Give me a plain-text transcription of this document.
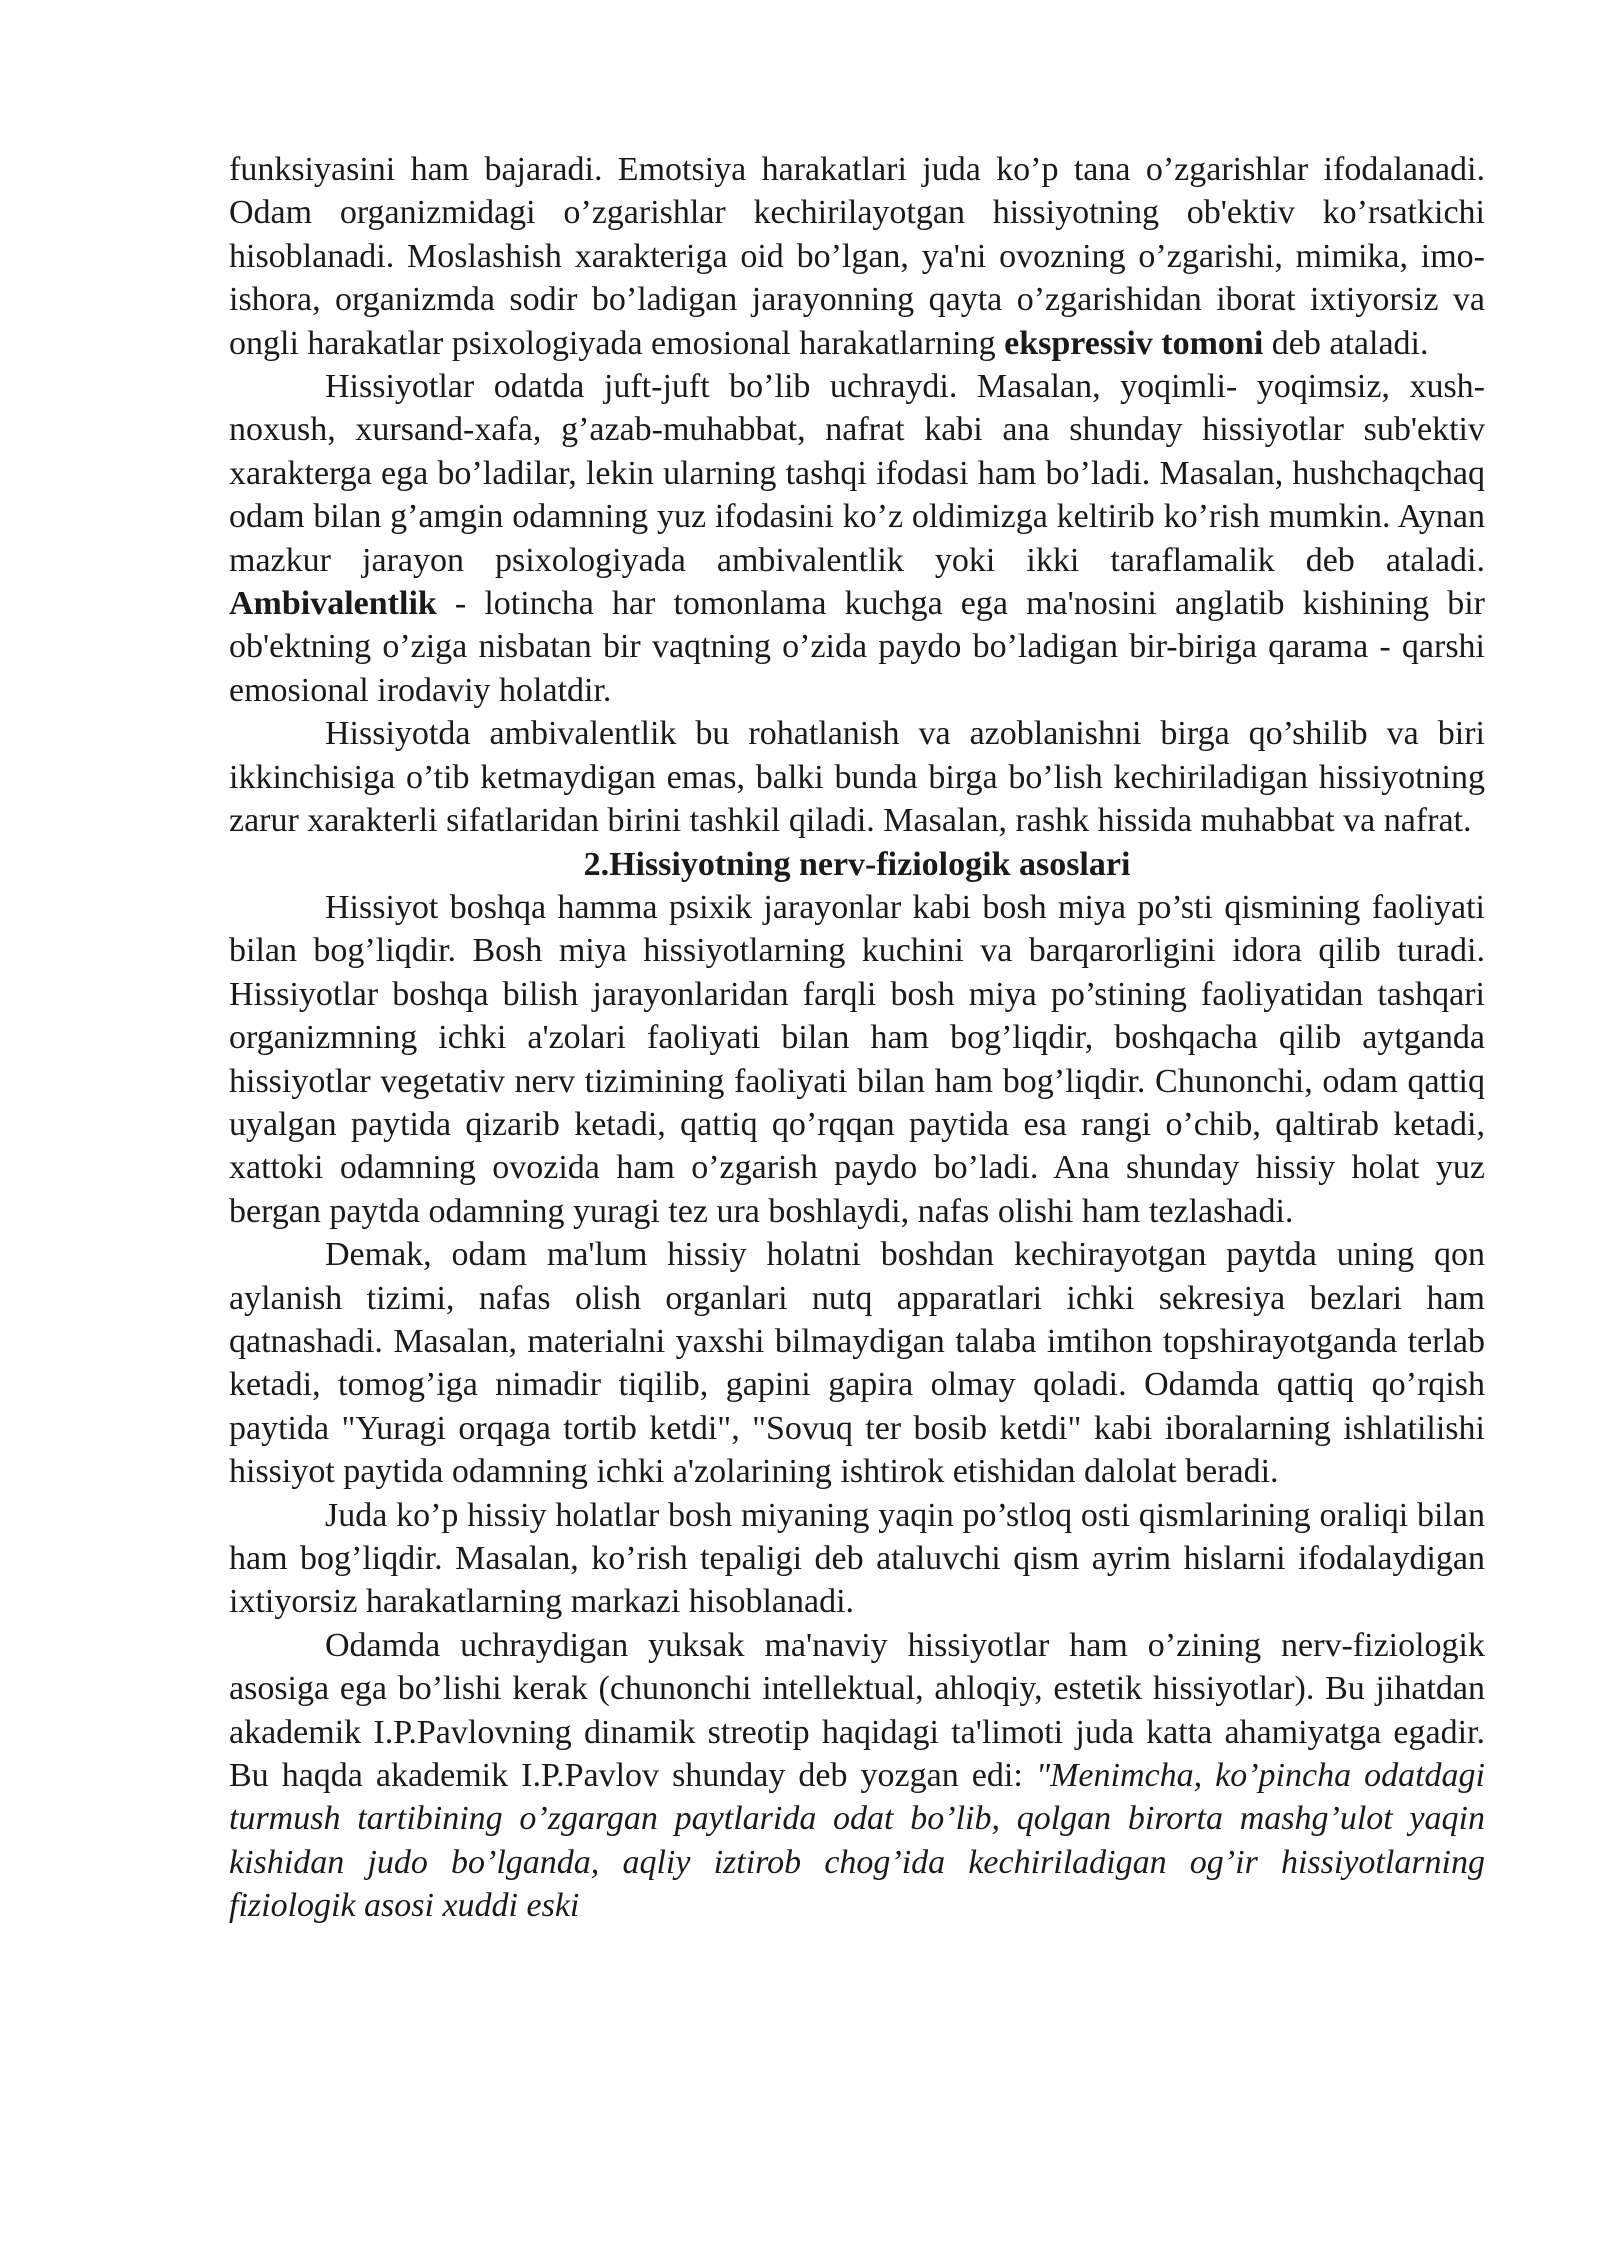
funksiyasini ham bajaradi. Emotsiya harakatlari juda ko’p tana o’zgarishlar ifodalanadi. Odam organizmidagi o’zgarishlar kechirilayotgan hissiyotning ob'ektiv ko’rsatkichi hisoblanadi. Moslashish xarakteriga oid bo’lgan, ya'ni ovozning o’zgarishi, mimika, imo-ishora, organizmda sodir bo’ladigan jarayonning qayta o’zgarishidan iborat ixtiyorsiz va ongli harakatlar psixologiyada emosional harakatlarning ekspressiv tomoni deb ataladi.

Hissiyotlar odatda juft-juft bo’lib uchraydi. Masalan, yoqimli- yoqimsiz, xush-noxush, xursand-xafa, g’azab-muhabbat, nafrat kabi ana shunday hissiyotlar sub'ektiv xarakterga ega bo’ladilar, lekin ularning tashqi ifodasi ham bo’ladi. Masalan, hushchaqchaq odam bilan g’amgin odamning yuz ifodasini ko’z oldimizga keltirib ko’rish mumkin. Aynan mazkur jarayon psixologiyada ambivalentlik yoki ikki taraflamalik deb ataladi. Ambivalentlik - lotincha har tomonlama kuchga ega ma'nosini anglatib kishining bir ob'ektning o’ziga nisbatan bir vaqtning o’zida paydo bo’ladigan bir-biriga qarama - qarshi emosional irodaviy holatdir.

Hissiyotda ambivalentlik bu rohatlanish va azoblanishni birga qo’shilib va biri ikkinchisiga o’tib ketmaydigan emas, balki bunda birga bo’lish kechiriladigan hissiyotning zarur xarakterli sifatlaridan birini tashkil qiladi. Masalan, rashk hissida muhabbat va nafrat.

2.Hissiyotning nerv-fiziologik asoslari

Hissiyot boshqa hamma psixik jarayonlar kabi bosh miya po’sti qismining faoliyati bilan bog’liqdir. Bosh miya hissiyotlarning kuchini va barqarorligini idora qilib turadi. Hissiyotlar boshqa bilish jarayonlaridan farqli bosh miya po’stining faoliyatidan tashqari organizmning ichki a'zolari faoliyati bilan ham bog’liqdir, boshqacha qilib aytganda hissiyotlar vegetativ nerv tizimining faoliyati bilan ham bog’liqdir. Chunonchi, odam qattiq uyalgan paytida qizarib ketadi, qattiq qo’rqqan paytida esa rangi o’chib, qaltirab ketadi, xattoki odamning ovozida ham o’zgarish paydo bo’ladi. Ana shunday hissiy holat yuz bergan paytda odamning yuragi tez ura boshlaydi, nafas olishi ham tezlashadi.

Demak, odam ma'lum hissiy holatni boshdan kechirayotgan paytda uning qon aylanish tizimi, nafas olish organlari nutq apparatlari ichki sekresiya bezlari ham qatnashadi. Masalan, materialni yaxshi bilmaydigan talaba imtihon topshirayotganda terlab ketadi, tomog’iga nimadir tiqilib, gapini gapira olmay qoladi. Odamda qattiq qo’rqish paytida "Yuragi orqaga tortib ketdi", "Sovuq ter bosib ketdi" kabi iboralarning ishlatilishi hissiyot paytida odamning ichki a'zolarining ishtirok etishidan dalolat beradi.

Juda ko’p hissiy holatlar bosh miyaning yaqin po’stloq osti qismlarining oraliqi bilan ham bog’liqdir. Masalan, ko’rish tepaligi deb ataluvchi qism ayrim hislarni ifodalaydigan ixtiyorsiz harakatlarning markazi hisoblanadi.

Odamda uchraydigan yuksak ma'naviy hissiyotlar ham o’zining nerv-fiziologik asosiga ega bo’lishi kerak (chunonchi intellektual, ahloqiy, estetik hissiyotlar). Bu jihatdan akademik I.P.Pavlovning dinamik streotip haqidagi ta'limoti juda katta ahamiyatga egadir. Bu haqda akademik I.P.Pavlov shunday deb yozgan edi: "Menimcha, ko’pincha odatdagi turmush tartibining o’zgargan paytlarida odat bo’lib, qolgan birorta mashg’ulot yaqin kishidan judo bo’lganda, aqliy iztirob chog’ida kechiriladigan og’ir hissiyotlarning fiziologik asosi xuddi eski
